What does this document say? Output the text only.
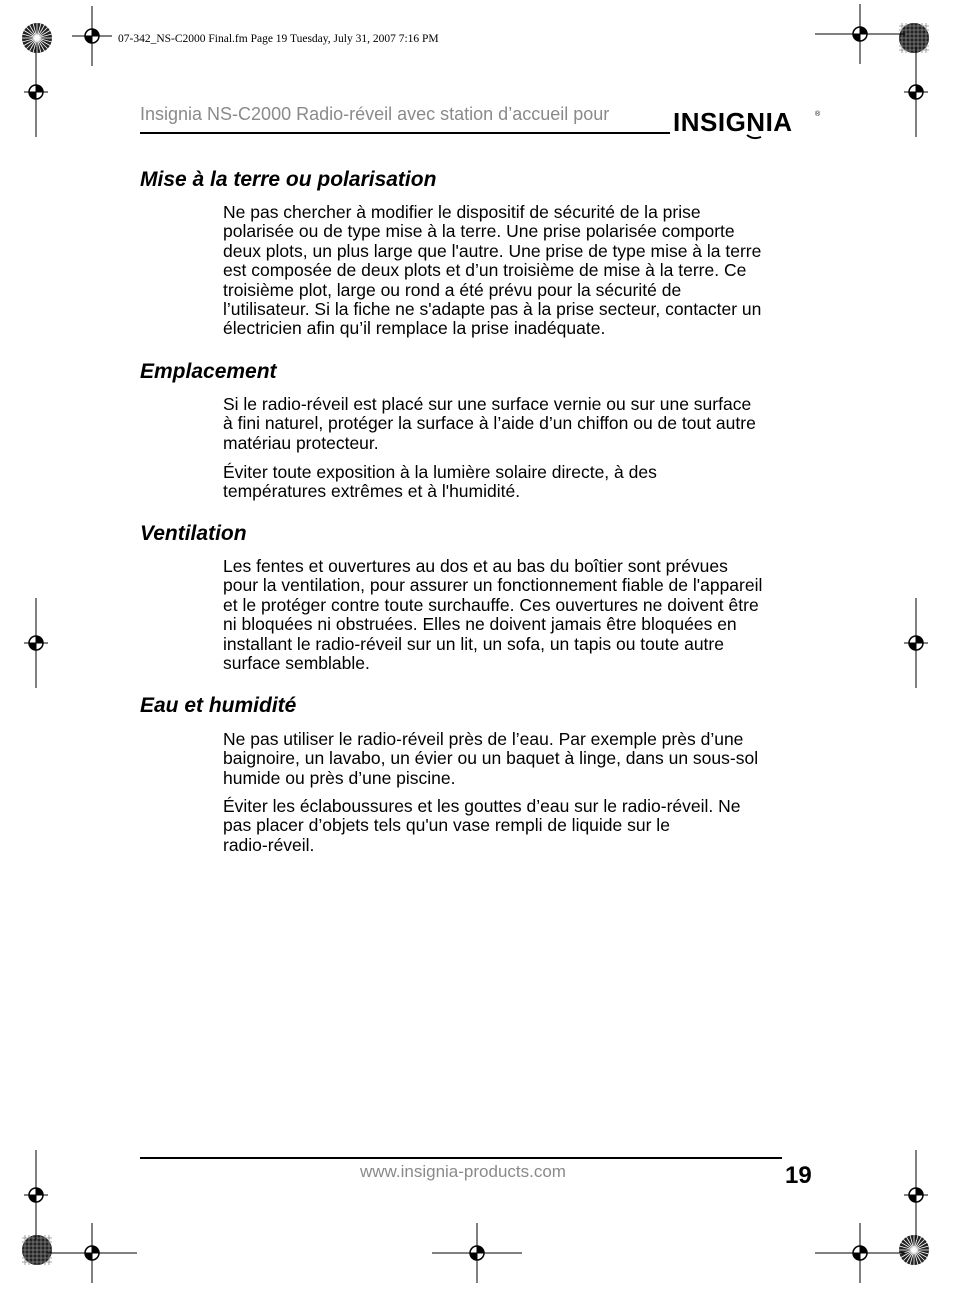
07-342_NS-C2000 Final.fm Page 19 Tuesday, July 31, 2007 7:16 PM
Insignia NS-C2000 Radio-réveil avec station d’accueil pour INSIGNIA	®
Mise à la terre ou polarisation
Ne pas chercher à modifier le dispositif de sécurité de la prise
polarisée ou de type mise à la terre. Une prise polarisée comporte
deux plots, un plus large que l'autre. Une prise de type mise à la terre
est composée de deux plots et d’un troisième de mise à la terre. Ce
troisième plot, large ou rond a été prévu pour la sécurité de
l’utilisateur. Si la fiche ne s'adapte pas à la prise secteur, contacter un
électricien afin qu’il remplace la prise inadéquate.
Emplacement
Si le radio-réveil est placé sur une surface vernie ou sur une surface
à fini naturel, protéger la surface à l’aide d’un chiffon ou de tout autre
matériau protecteur.
Éviter toute exposition à la lumière solaire directe, à des
températures extrêmes et à l'humidité.
Ventilation
Les fentes et ouvertures au dos et au bas du boîtier sont prévues
pour la ventilation, pour assurer un fonctionnement fiable de l'appareil
et le protéger contre toute surchauffe. Ces ouvertures ne doivent être
ni bloquées ni obstruées. Elles ne doivent jamais être bloquées en
installant le radio-réveil sur un lit, un sofa, un tapis ou toute autre
surface semblable.
Eau et humidité
Ne pas utiliser le radio-réveil près de l’eau. Par exemple près d’une
baignoire, un lavabo, un évier ou un baquet à linge, dans un sous-sol
humide ou près d’une piscine.
Éviter les éclaboussures et les gouttes d’eau sur le radio-réveil. Ne
pas placer d’objets tels qu'un vase rempli de liquide sur le
radio-réveil.
www.insignia-products.com	19
